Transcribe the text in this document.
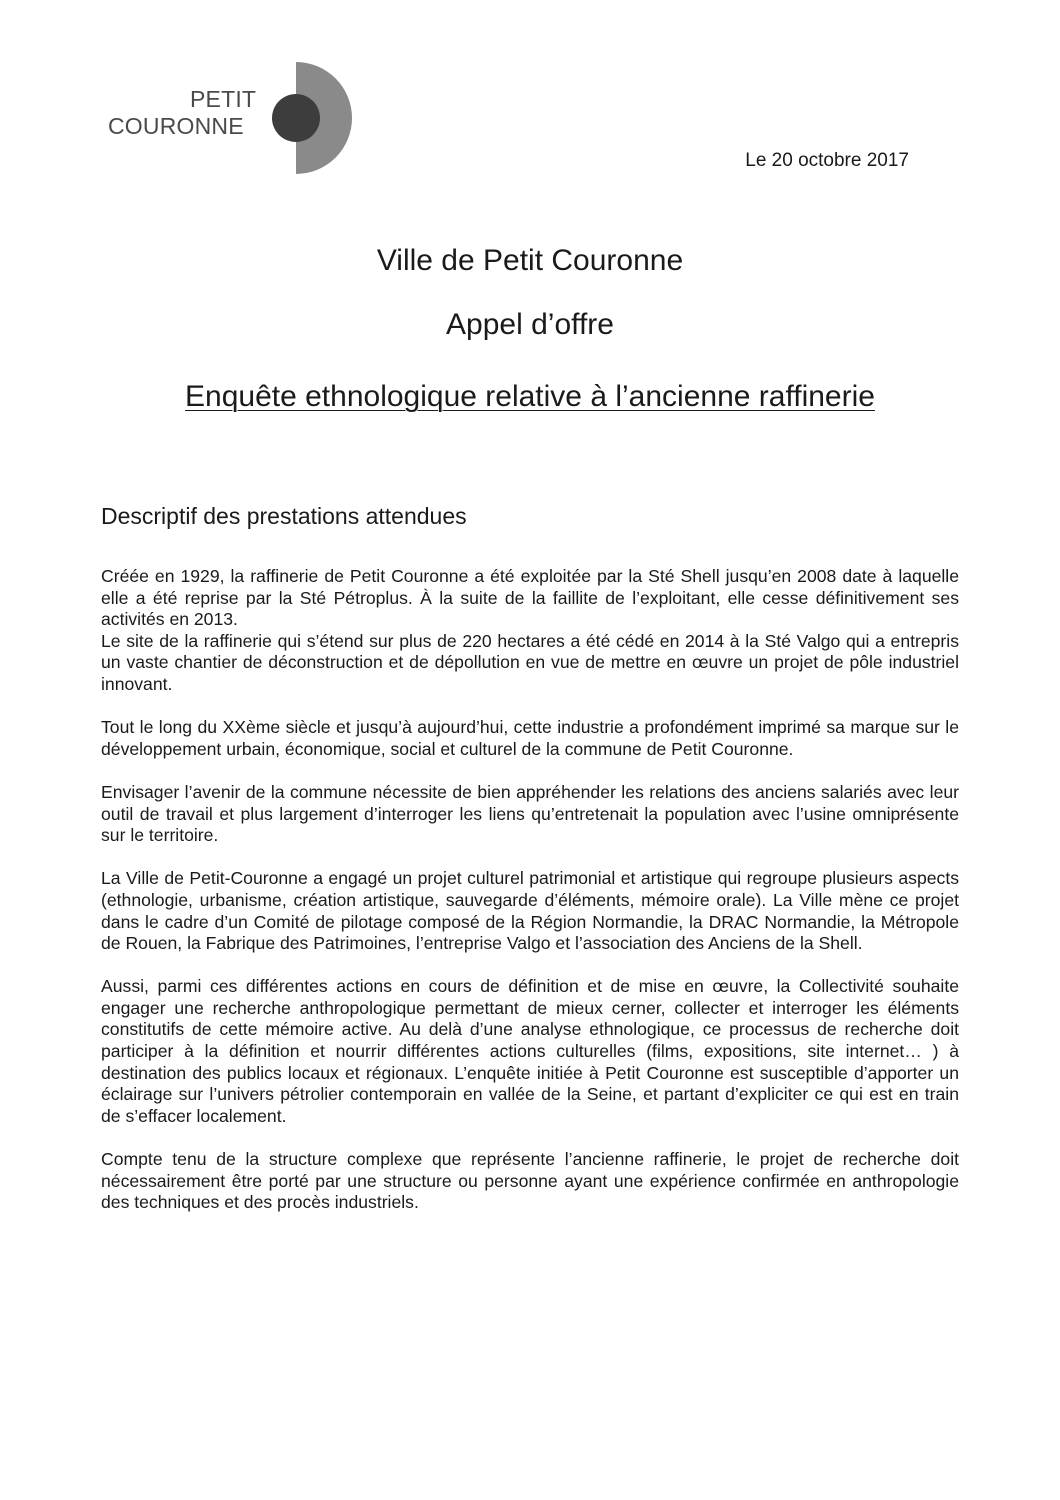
PETIT
COURONNE
Le 20 octobre 2017
Ville de Petit Couronne
Appel d’offre
Enquête ethnologique relative à l’ancienne raffinerie
Descriptif des prestations attendues

Créée en 1929, la raffinerie de Petit Couronne a été exploitée par la Sté Shell jusqu’en 2008 date à laquelle elle a été reprise par la Sté Pétroplus. À la suite de la faillite de l’exploitant, elle cesse définitivement ses activités en 2013.

Le site de la raffinerie qui s’étend sur plus de 220 hectares a été cédé en 2014 à la Sté Valgo qui a entrepris un vaste chantier de déconstruction et de dépollution en vue de mettre en œuvre un projet de pôle industriel innovant.

Tout le long du XXème siècle et jusqu’à aujourd’hui, cette industrie a profondément imprimé sa marque sur le développement urbain, économique, social et culturel de la commune de Petit Couronne.

Envisager l’avenir de la commune nécessite de bien appréhender les relations des anciens salariés avec leur outil de travail et plus largement d’interroger les liens qu’entretenait la population avec l’usine omniprésente sur le territoire.

La Ville de Petit-Couronne a engagé un projet culturel patrimonial et artistique qui regroupe plusieurs aspects (ethnologie, urbanisme, création artistique, sauvegarde d’éléments, mémoire orale). La Ville mène ce projet dans le cadre d’un Comité de pilotage composé de la Région Normandie, la DRAC Normandie, la Métropole de Rouen, la Fabrique des Patrimoines, l’entreprise Valgo et l’association des Anciens de la Shell.

Aussi, parmi ces différentes actions en cours de définition et de mise en œuvre, la Collectivité souhaite engager une recherche anthropologique permettant de mieux cerner, collecter et interroger les éléments constitutifs de cette mémoire active. Au delà d’une analyse ethnologique, ce processus de recherche doit participer à la définition et nourrir différentes actions culturelles (films, expositions, site internet… ) à destination des publics locaux et régionaux. L’enquête initiée à Petit Couronne est susceptible d’apporter un éclairage sur l’univers pétrolier contemporain en vallée de la Seine, et partant d’expliciter ce qui est en train de s’effacer localement.

Compte tenu de la structure complexe que représente l’ancienne raffinerie, le projet de recherche doit nécessairement être porté par une structure ou personne ayant une expérience confirmée en anthropologie des techniques et des procès industriels.
